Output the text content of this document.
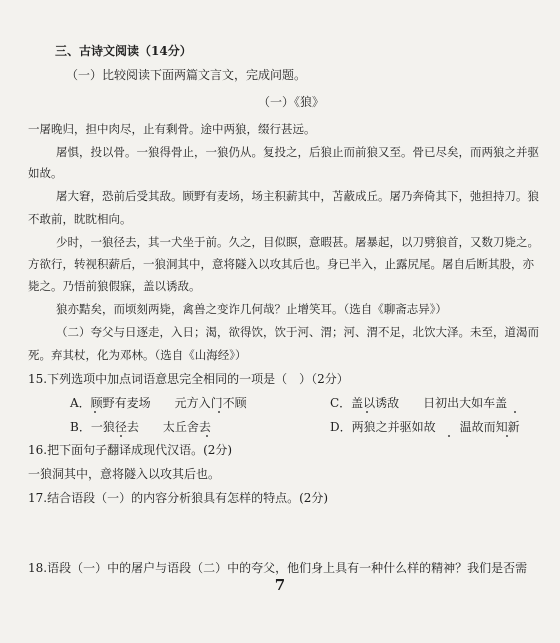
三、古诗文阅读（14分）
（一）比较阅读下面两篇文言文，完成问题。
（一）《狼》
一屠晚归，担中肉尽，止有剩骨。途中两狼，缀行甚远。
屠惧，投以骨。一狼得骨止，一狼仍从。复投之，后狼止而前狼又至。骨已尽矣，而两狼之并驱
如故。
屠大窘，恐前后受其敌。顾野有麦场，场主积薪其中，苫蔽成丘。屠乃奔倚其下，弛担持刀。狼
不敢前，眈眈相向。
少时，一狼径去，其一犬坐于前。久之，目似瞑，意暇甚。屠暴起，以刀劈狼首，又数刀毙之。
方欲行，转视积薪后，一狼洞其中，意将隧入以攻其后也。身已半入，止露尻尾。屠自后断其股，亦
毙之。乃悟前狼假寐，盖以诱敌。
狼亦黠矣，而顷刻两毙，禽兽之变诈几何哉？止增笑耳。（选自《聊斋志异》）
（二）夸父与日逐走，入日；渴，欲得饮，饮于河、渭；河、渭不足，北饮大泽。未至，道渴而
死。弃其杖，化为邓林。（选自《山海经》）
15.下列选项中加点词语意思完全相同的一项是（　）（2分）
A．顾野有麦场　　元方入门不顾	C．盖以诱敌　　日初出大如车盖
B．一狼径去　　太丘舍去	D．两狼之并驱如故　　温故而知新
16.把下面句子翻译成现代汉语。(2分)
一狼洞其中，意将隧入以攻其后也。
17.结合语段（一）的内容分析狼具有怎样的特点。(2分)
18.语段（一）中的屠户与语段（二）中的夸父，他们身上具有一种什么样的精神？我们是否需
7
